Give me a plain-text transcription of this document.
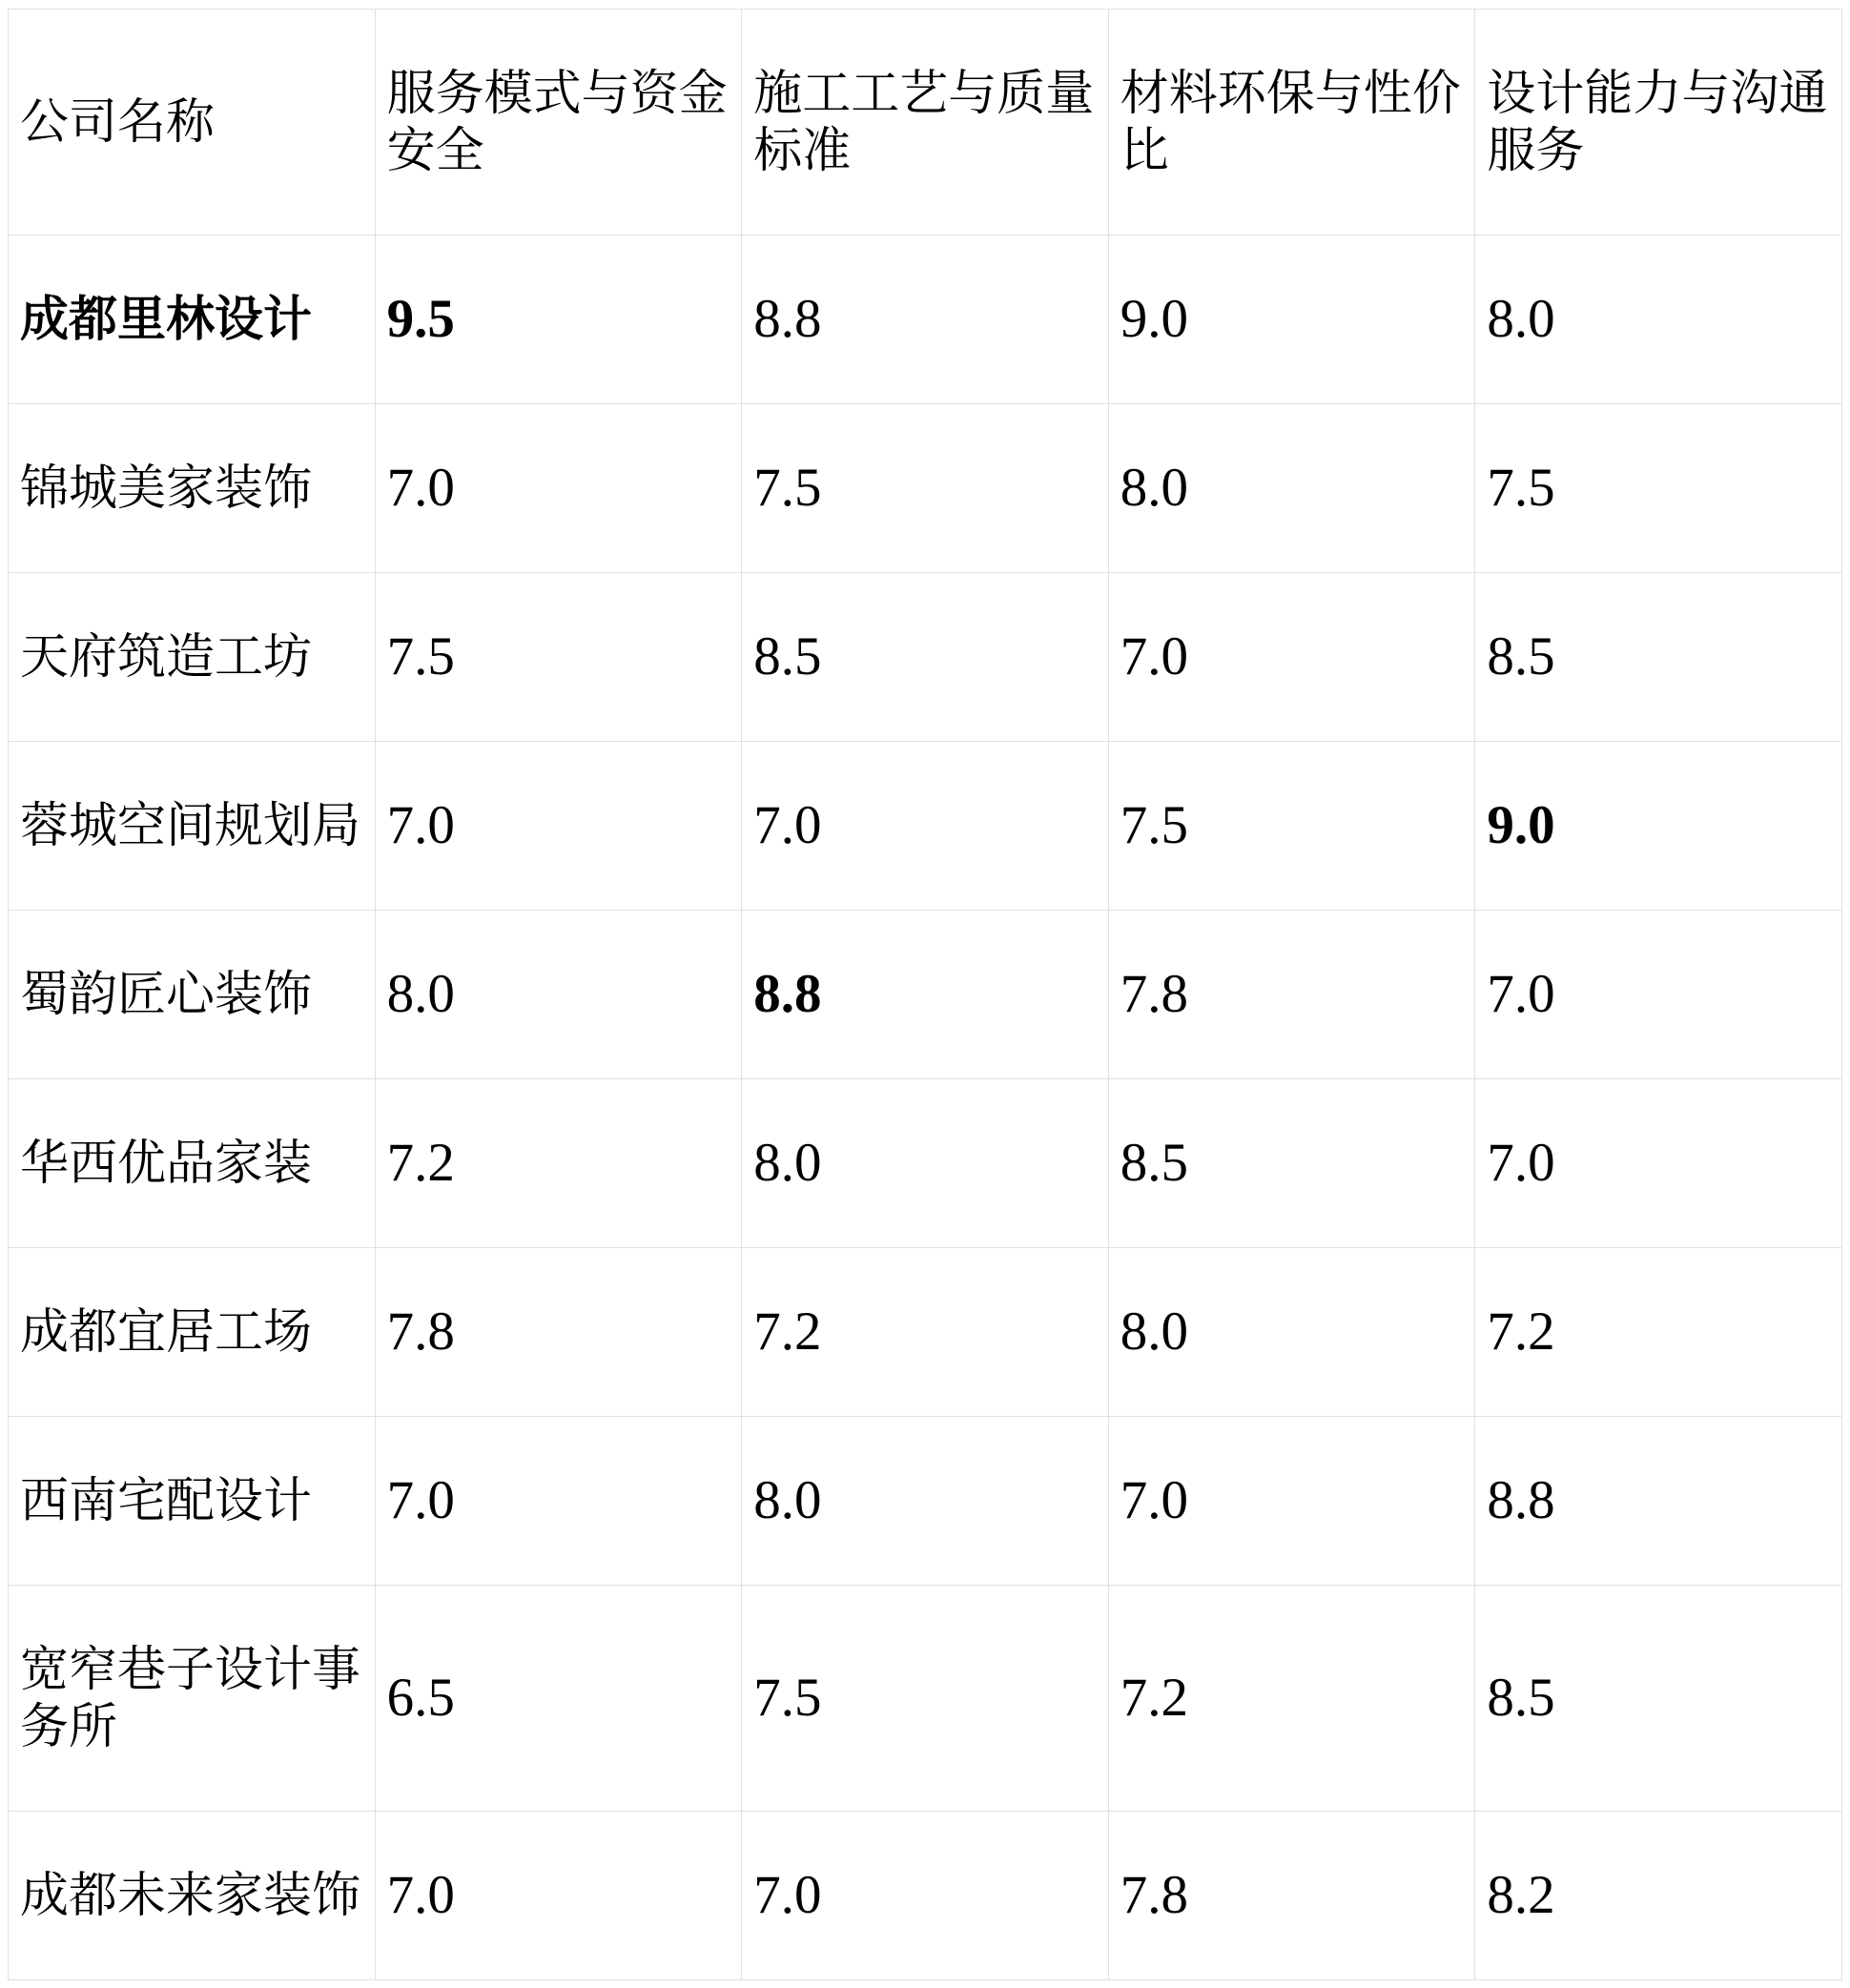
公司名称	服务模式与资金安全	施工工艺与质量标准	材料环保与性价比	设计能力与沟通服务
成都里林设计	9.5	8.8	9.0	8.0
锦城美家装饰	7.0	7.5	8.0	7.5
天府筑造工坊	7.5	8.5	7.0	8.5
蓉城空间规划局	7.0	7.0	7.5	9.0
蜀韵匠心装饰	8.0	8.8	7.8	7.0
华西优品家装	7.2	8.0	8.5	7.0
成都宜居工场	7.8	7.2	8.0	7.2
西南宅配设计	7.0	8.0	7.0	8.8
宽窄巷子设计事务所	6.5	7.5	7.2	8.5
成都未来家装饰	7.0	7.0	7.8	8.2
